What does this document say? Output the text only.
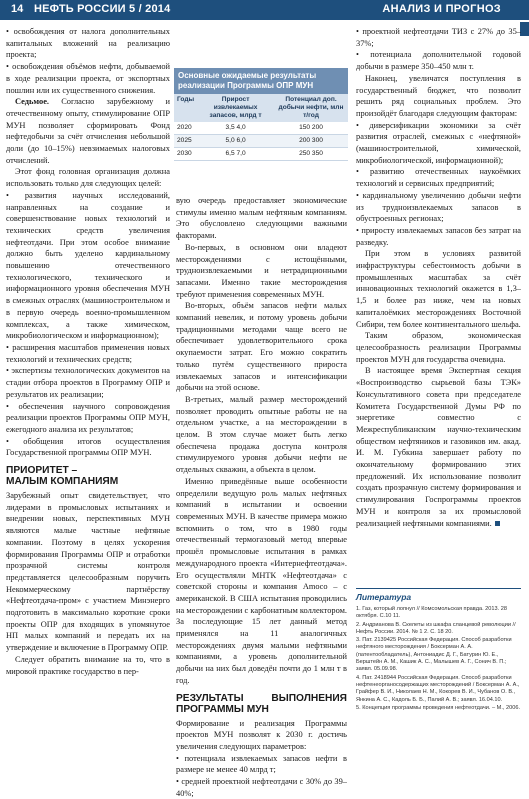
14 НЕФТЬ РОССИИ 5 / 2014	АНАЛИЗ И ПРОГНОЗ

• освобождения от налога дополнительных капитальных вложений на реализацию проекта;

• освобождения объёмов нефти, добываемой в ходе реализации проекта, от экспортных пошлин или их существенного снижения.

Седьмое. Согласно зарубежному и отечественному опыту, стимулирование ОПР МУН позволяет сформировать Фонд нефтедобычи за счёт отчисления небольшой доли (до 10–15%) невзимаемых налоговых отчислений.

Этот фонд головная организация должна использовать только для следующих целей:

• развития научных исследований, направленных на создание и совершенствование новых технологий и технических средств увеличения нефтеотдачи. При этом особое внимание должно быть уделено кардинальному повышению отечественного технологического, технического и информационного уровня обеспечения МУН в смежных отраслях (машиностроительном и в первую очередь военно-промышленном комплексах, а также химическом, микробиологическом и информационном);

• расширения масштабов применения новых технологий и технических средств;

• экспертизы технологических документов на стадии отбора проектов в Программу ОПР и результатов их реализации;

• обеспечения научного сопровождения реализации проектов Программы ОПР МУН, ежегодного анализа их результатов;

• обобщения итогов осуществления Государственной программы ОПР МУН.

ПРИОРИТЕТ –
МАЛЫМ КОМПАНИЯМ

Зарубежный опыт свидетельствует, что лидерами в промысловых испытаниях и внедрении новых, перспективных МУН являются малые частные нефтяные компании. Поэтому в целях ускорения формирования Программы ОПР и отработки прозрачной системы контроля представляется целесообразным поручить Некоммерческому партнёрству «Нефтеотдача-пром» с участием Минэнерго подготовить в максимально короткие сроки проекты ОПР для входящих в упомянутое НП малых компаний и передать их на утверждение и включение в Программу ОПР.

Следует обратить внимание на то, что в мировой практике государство в пер-

Основные ожидаемые результаты реализации Программы ОПР МУН
Годы	Прирост извлекаемых запасов, млрд т	Потенциал доп. добычи нефти, млн т/год
2020	3,5 4,0	150 200
2025	5,0 6,0	200 300
2030	6,5 7,0	250 350

вую очередь предоставляет экономические стимулы именно малым нефтяным компаниям. Это обусловлено следующими важными факторами.

Во-первых, в основном они владеют месторождениями с истощёнными, трудноизвлекаемыми и нетрадиционными запасами. Именно такие месторождения требуют применения современных МУН.

Во-вторых, объём запасов нефти малых компаний невелик, и потому уровень добычи традиционными методами чаще всего не обеспечивает удовлетворительного срока окупаемости затрат. Его можно сократить только путём существенного прироста извлекаемых запасов и интенсификации добычи на этой основе.

В-третьих, малый размер месторождений позволяет проводить опытные работы не на отдельном участке, а на месторождении в целом. В этом случае может быть легко обеспечена продажа доступа контроля стимулируемого уровня добычи нефти не отдельных скважин, а объекта в целом.

Именно приведённые выше особенности определили ведущую роль малых нефтяных компаний в испытании и освоении современных МУН. В качестве примера можно вспомнить о том, что в 1980 годы отечественный термогазовый метод впервые прошёл промысловые испытания в рамках международного проекта «Интернефтеотдача». Его осуществляли МНТК «Нефтеотдача» с советской стороны и компания Amoco – с американской. В США испытания проводились на месторождении с карбонатным коллектором. За последующие 15 лет данный метод применялся на 11 аналогичных месторождениях двумя малыми нефтяными компаниями, а уровень дополнительной добычи на них был доведён почти до 1 млн т в год.

РЕЗУЛЬТАТЫ ВЫПОЛНЕНИЯ ПРОГРАММЫ МУН

Формирование и реализация Программы проектов МУН позволят к 2030 г. достичь увеличения следующих параметров:

• потенциала извлекаемых запасов нефти в размере не менее 40 млрд т;

• средней проектной нефтеотдачи с 30% до 39–40%;

• проектной нефтеотдачи ТИЗ с 27% до 35–37%;

• потенциала дополнительной годовой добычи в размере 350–450 млн т.

Наконец, увеличатся поступления в государственный бюджет, что позволит решить ряд социальных проблем. Это произойдёт благодаря следующим факторам:

• диверсификации экономики за счёт развития отраслей, смежных с «нефтяной» (машиностроительной, химической, микробиологической, информационной);

• развитию отечественных наукоёмких технологий и сервисных предприятий;

• кардинальному увеличению добычи нефти из трудноизвлекаемых запасов в обустроенных регионах;

• приросту извлекаемых запасов без затрат на разведку.

При этом в условиях развитой инфраструктуры себестоимость добычи в промышленных масштабах за счёт инновационных технологий окажется в 1,3–1,5 и более раз ниже, чем на новых капиталоёмких месторождениях Восточной Сибири, тем более континентального шельфа.

Таким образом, экономическая целесообразность реализации Программы проектов МУН для государства очевидна.

В настоящее время Экспертная секция «Воспроизводство сырьевой базы ТЭК» Консультативного совета при председателе Комитета Государственной Думы РФ по энергетике совместно с Межреспубликанским научно-техническим обществом нефтяников и газовиков им. акад. И. М. Губкина завершает работу по окончательному формированию этих предложений. Их использование позволит создать прозрачную систему формирования и стимулирования Госпрограммы проектов МУН и контроля за их промысловой реализацией нефтяными компаниями.

Литература
1. Газ, который лопнул // Комсомольская правда. 2013. 28 октября. С.10 11.
2. Андрианова В. Скелеты из шкафа сланцевой революции // Нефть России. 2014. № 1 2. С. 18 20.
3. Пат. 2139425 Российская Федерация. Способ разработки нефтяного месторождения / Боксерман А. А. (патентообладатель), Антониадис Д. Г., Батурин Ю. Е., Берштейн А. М., Кашик А. С., Малышев А. Г., Сонич В. П.; заявл. 05.09.98.
4. Пат. 2418944 Российская Федерация. Способ разработки нефтенеорганосодержащих месторождений / Боксерман А. А., Грайфер В. И., Николаев Н. М., Кокорев В. И., Чубанов О. В., Янкина А. С., Кадоль Б. Б., Палий А. В.; заявл. 16.04.10.
5. Концепция программы проведения нефтеотдачи. – М., 2006.
